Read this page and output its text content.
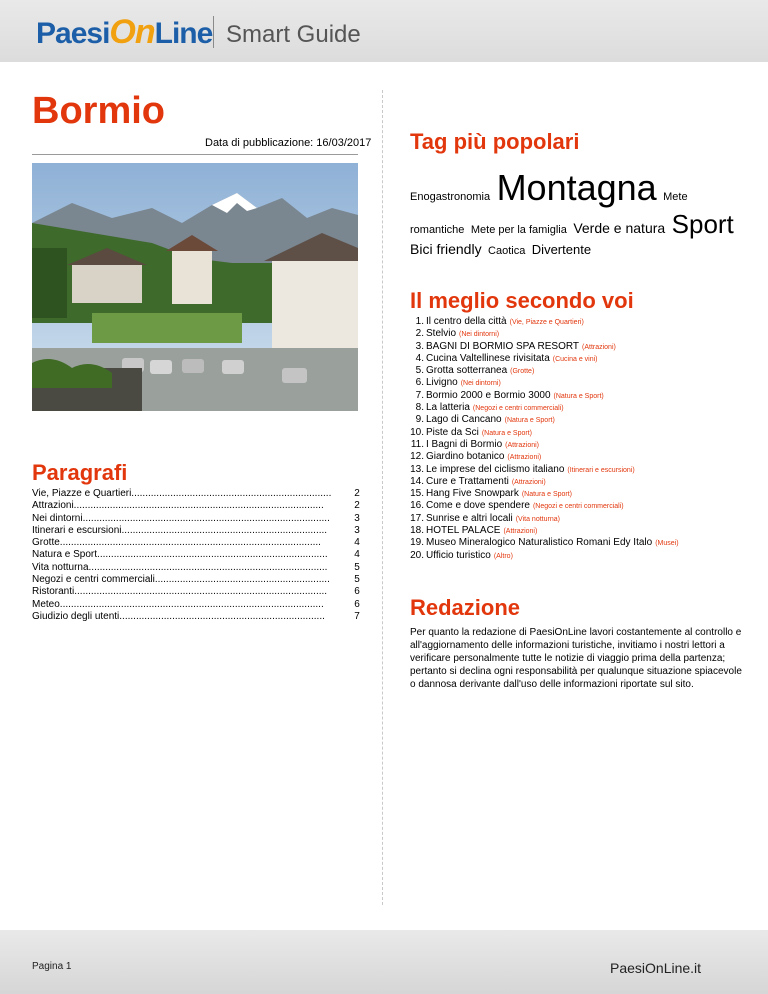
PaesiOnLine Smart Guide
Bormio
Data di pubblicazione: 16/03/2017
Paragrafi
Vie, Piazze e Quartieri........................................................................	2
Attrazioni..........................................................................................	2
Nei dintorni.........................................................................................	3
Itinerari e escursioni..........................................................................	3
Grotte..............................................................................................	4
Natura e Sport...................................................................................	4
Vita notturna......................................................................................	5
Negozi e centri commerciali...............................................................	5
Ristoranti...........................................................................................	6
Meteo...............................................................................................	6
Giudizio degli utenti..........................................................................	7
Tag più popolari
Enogastronomia Montagna Mete romantiche Mete per la famiglia Verde e natura Sport Bici friendly Caotica Divertente
Il meglio secondo voi
1. Il centro della città (Vie, Piazze e Quartieri)
2. Stelvio (Nei dintorni)
3. BAGNI DI BORMIO SPA RESORT (Attrazioni)
4. Cucina Valtellinese rivisitata (Cucina e vini)
5. Grotta sotterranea (Grotte)
6. Livigno (Nei dintorni)
7. Bormio 2000 e Bormio 3000 (Natura e Sport)
8. La latteria (Negozi e centri commerciali)
9. Lago di Cancano (Natura e Sport)
10. Piste da Sci (Natura e Sport)
11. I Bagni di Bormio (Attrazioni)
12. Giardino botanico (Attrazioni)
13. Le imprese del ciclismo italiano (Itinerari e escursioni)
14. Cure e Trattamenti (Attrazioni)
15. Hang Five Snowpark (Natura e Sport)
16. Come e dove spendere (Negozi e centri commerciali)
17. Sunrise e altri locali (Vita notturna)
18. HOTEL PALACE (Attrazioni)
19. Museo Mineralogico Naturalistico Romani Edy Italo (Musei)
20. Ufficio turistico (Altro)
Redazione
Per quanto la redazione di PaesiOnLine lavori costantemente al controllo e all'aggiornamento delle informazioni turistiche, invitiamo i nostri lettori a verificare personalmente tutte le notizie di viaggio prima della partenza; pertanto si declina ogni responsabilità per qualunque situazione spiacevole o dannosa derivante dall'uso delle informazioni riportate sul sito.
Pagina 1	PaesiOnLine.it
